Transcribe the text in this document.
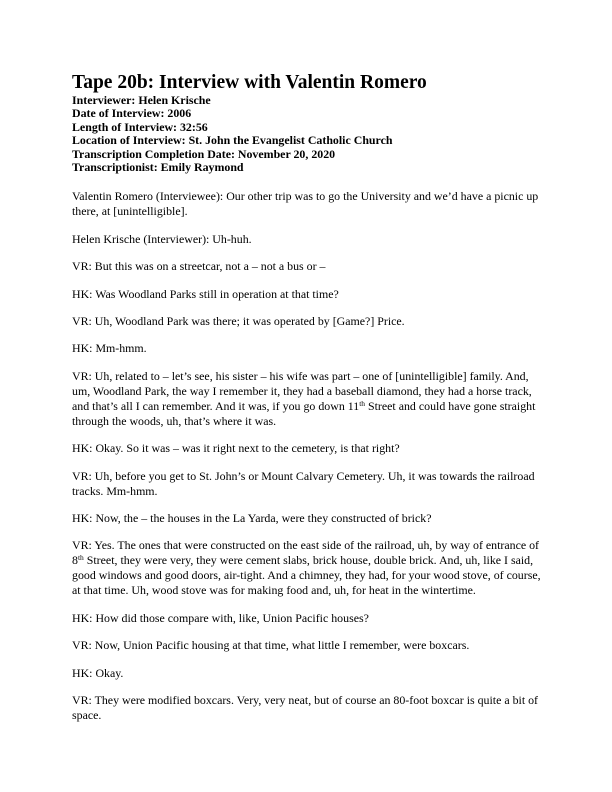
Tape 20b: Interview with Valentin Romero
Interviewer: Helen Krische
Date of Interview: 2006
Length of Interview: 32:56
Location of Interview: St. John the Evangelist Catholic Church
Transcription Completion Date: November 20, 2020
Transcriptionist: Emily Raymond

Valentin Romero (Interviewee): Our other trip was to go the University and we’d have a picnic up there, at [unintelligible].

Helen Krische (Interviewer): Uh-huh.

VR: But this was on a streetcar, not a – not a bus or –

HK: Was Woodland Parks still in operation at that time?

VR: Uh, Woodland Park was there; it was operated by [Game?] Price.

HK: Mm-hmm.

VR: Uh, related to – let’s see, his sister – his wife was part – one of [unintelligible] family. And, um, Woodland Park, the way I remember it, they had a baseball diamond, they had a horse track, and that’s all I can remember. And it was, if you go down 11th Street and could have gone straight through the woods, uh, that’s where it was.

HK: Okay. So it was – was it right next to the cemetery, is that right?

VR: Uh, before you get to St. John’s or Mount Calvary Cemetery. Uh, it was towards the railroad tracks. Mm-hmm.

HK: Now, the – the houses in the La Yarda, were they constructed of brick?

VR: Yes. The ones that were constructed on the east side of the railroad, uh, by way of entrance of 8th Street, they were very, they were cement slabs, brick house, double brick. And, uh, like I said, good windows and good doors, air-tight. And a chimney, they had, for your wood stove, of course, at that time. Uh, wood stove was for making food and, uh, for heat in the wintertime.

HK: How did those compare with, like, Union Pacific houses?

VR: Now, Union Pacific housing at that time, what little I remember, were boxcars.

HK: Okay.

VR: They were modified boxcars. Very, very neat, but of course an 80-foot boxcar is quite a bit of space.
